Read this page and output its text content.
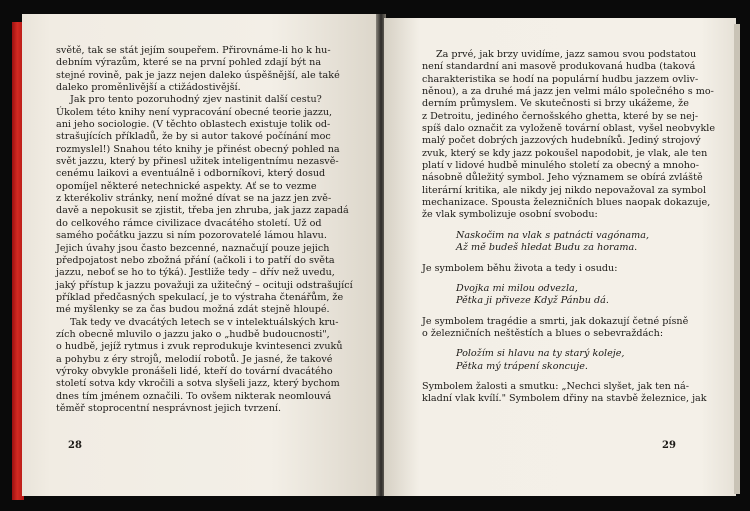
světě, tak se stát jejím soupeřem. Přirovnáme-li ho k hu-

debním výrazům, které se na první pohled zdají být na

stejné rovině, pak je jazz nejen daleko úspěšnější, ale také

daleko proměnlivější a ctižádostivější.

Jak pro tento pozoruhodný zjev nastinit další cestu?

Úkolem této knihy není vypracování obecné teorie jazzu,

ani jeho sociologie. (V těchto oblastech existuje tolik od-

strašujících příkladů, že by si autor takové počínání moc

rozmyslel!) Snahou této knihy je přinést obecný pohled na

svět jazzu, který by přinesl užitek inteligentnímu nezasvě-

cenému laikovi a eventuálně i odborníkovi, který dosud

opomíjel některé netechnické aspekty. Ať se to vezme

z kterékoliv stránky, není možné dívat se na jazz jen zvě-

davě a nepokusit se zjistit, třeba jen zhruba, jak jazz zapadá

do celkového rámce civilizace dvacátého století. Už od

samého počátku jazzu si ním pozorovatelé lámou hlavu.

Jejich úvahy jsou často bezcenné, naznačují pouze jejich

předpojatost nebo zbožná přání (ačkoli i to patří do světa

jazzu, neboť se ho to týká). Jestliže tedy – dřív než uvedu,

jaký přístup k jazzu považuji za užitečný – ocituji odstrašující

příklad předčasných spekulací, je to výstraha čtenářům, že

mé myšlenky se za čas budou možná zdát stejně hloupé.

Tak tedy ve dvacátých letech se v intelektuálských kru-

zích obecně mluvilo o jazzu jako o „hudbě budoucnosti",

o hudbě, jejíž rytmus i zvuk reprodukuje kvintesenci zvuků

a pohybu z éry strojů, melodií robotů. Je jasné, že takové

výroky obvykle pronášeli lidé, kteří do tovární dvacátého

století sotva kdy vkročili a sotva slyšeli jazz, který bychom

dnes tím jménem označili. To ovšem nikterak neomlouvá

těměř stoprocentní nesprávnost jejich tvrzení.

28

Za prvé, jak brzy uvidíme, jazz samou svou podstatou

není standardní ani masově produkovaná hudba (taková

charakteristika se hodí na populární hudbu jazzem ovliv-

něnou), a za druhé má jazz jen velmi málo společného s mo-

derním průmyslem. Ve skutečnosti si brzy ukážeme, že

z Detroitu, jediného černošského ghetta, které by se nej-

spíš dalo označit za vyloženě tovární oblast, vyšel neobvykle

malý počet dobrých jazzových hudebníků. Jediný strojový

zvuk, který se kdy jazz pokoušel napodobit, je vlak, ale ten

platí v lidové hudbě minulého století za obecný a mnoho-

násobně důležitý symbol. Jeho významem se obírá zvláště

literární kritika, ale nikdy jej nikdo nepovažoval za symbol

mechanizace. Spousta železničních blues naopak dokazuje,

že vlak symbolizuje osobní svobodu:

Naskočim na vlak s patnácti vagónama,
Až mě budeš hledat Budu za horama.

Je symbolem běhu života a tedy i osudu:

Dvojka mi milou odvezla,
Pětka ji přiveze Když Pánbu dá.

Je symbolem tragédie a smrti, jak dokazují četné písně

o železničních neštěstích a blues o sebevraždách:

Položím si hlavu na ty starý koleje,
Pětka mý trápení skoncuje.

Symbolem žalosti a smutku: „Nechci slyšet, jak ten ná-

kladní vlak kvílí." Symbolem dřiny na stavbě železnice, jak

29
